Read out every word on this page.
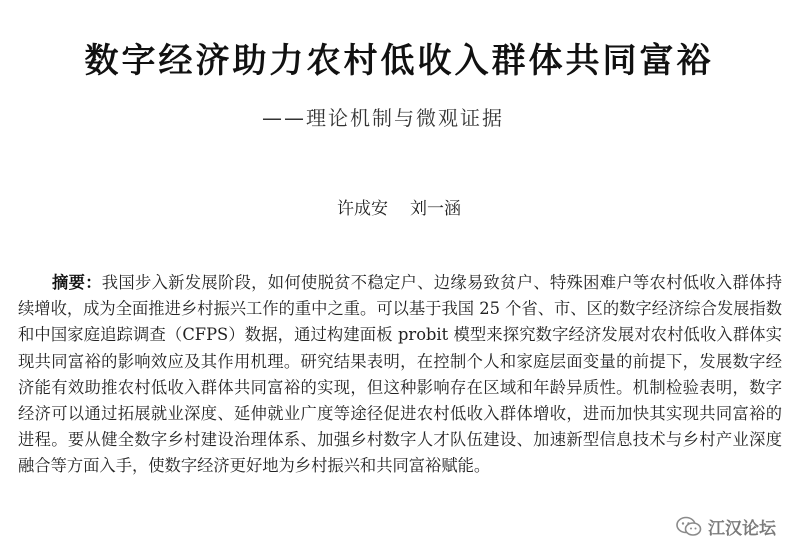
数字经济助力农村低收入群体共同富裕
——理论机制与微观证据
许成安 刘一涵
摘要：我国步入新发展阶段，如何使脱贫不稳定户、边缘易致贫户、特殊困难户等农村低收入群体持续增收，成为全面推进乡村振兴工作的重中之重。可以基于我国 25 个省、市、区的数字经济综合发展指数和中国家庭追踪调查（CFPS）数据，通过构建面板 probit 模型来探究数字经济发展对农村低收入群体实现共同富裕的影响效应及其作用机理。研究结果表明，在控制个人和家庭层面变量的前提下，发展数字经济能有效助推农村低收入群体共同富裕的实现，但这种影响存在区域和年龄异质性。机制检验表明，数字经济可以通过拓展就业深度、延伸就业广度等途径促进农村低收入群体增收，进而加快其实现共同富裕的进程。要从健全数字乡村建设治理体系、加强乡村数字人才队伍建设、加速新型信息技术与乡村产业深度融合等方面入手，使数字经济更好地为乡村振兴和共同富裕赋能。
江汉论坛
